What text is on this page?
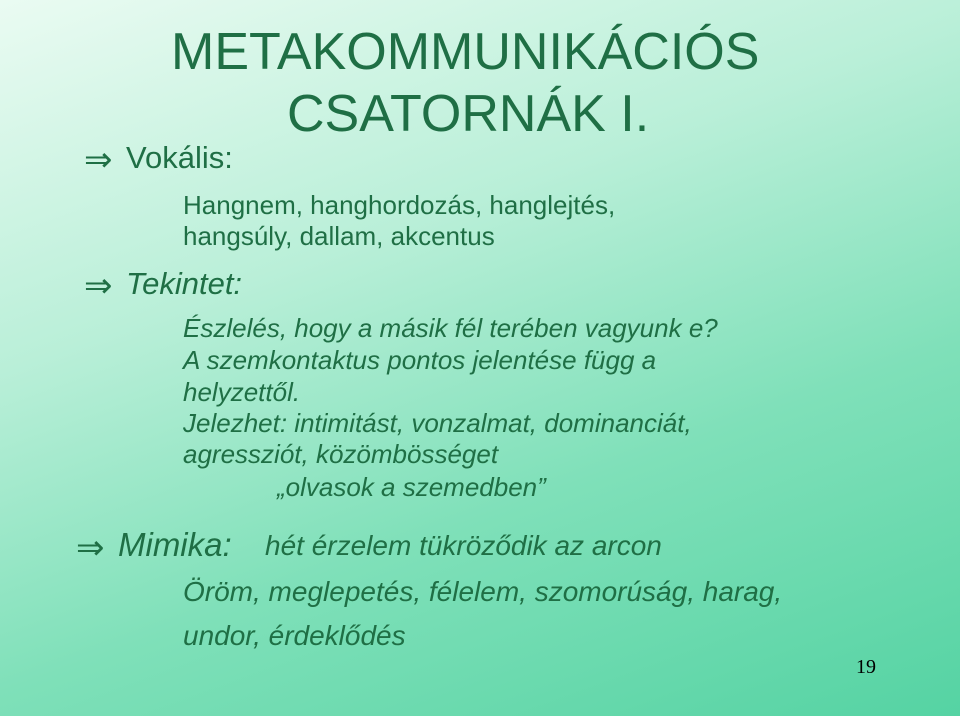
METAKOMMUNIKÁCIÓS
CSATORNÁK I.
⇒ Vokális:
Hangnem, hanghordozás, hanglejtés,
hangsúly, dallam, akcentus
⇒ Tekintet:
Észlelés, hogy a másik fél terében vagyunk e?
A szemkontaktus pontos jelentése függ a
helyzettől.
Jelezhet: intimitást, vonzalmat, dominanciát,
agressziót, közömbösséget
„olvasok a szemedben”
⇒ Mimika: hét érzelem tükröződik az arcon
Öröm, meglepetés, félelem, szomorúság, harag,
undor, érdeklődés
19
